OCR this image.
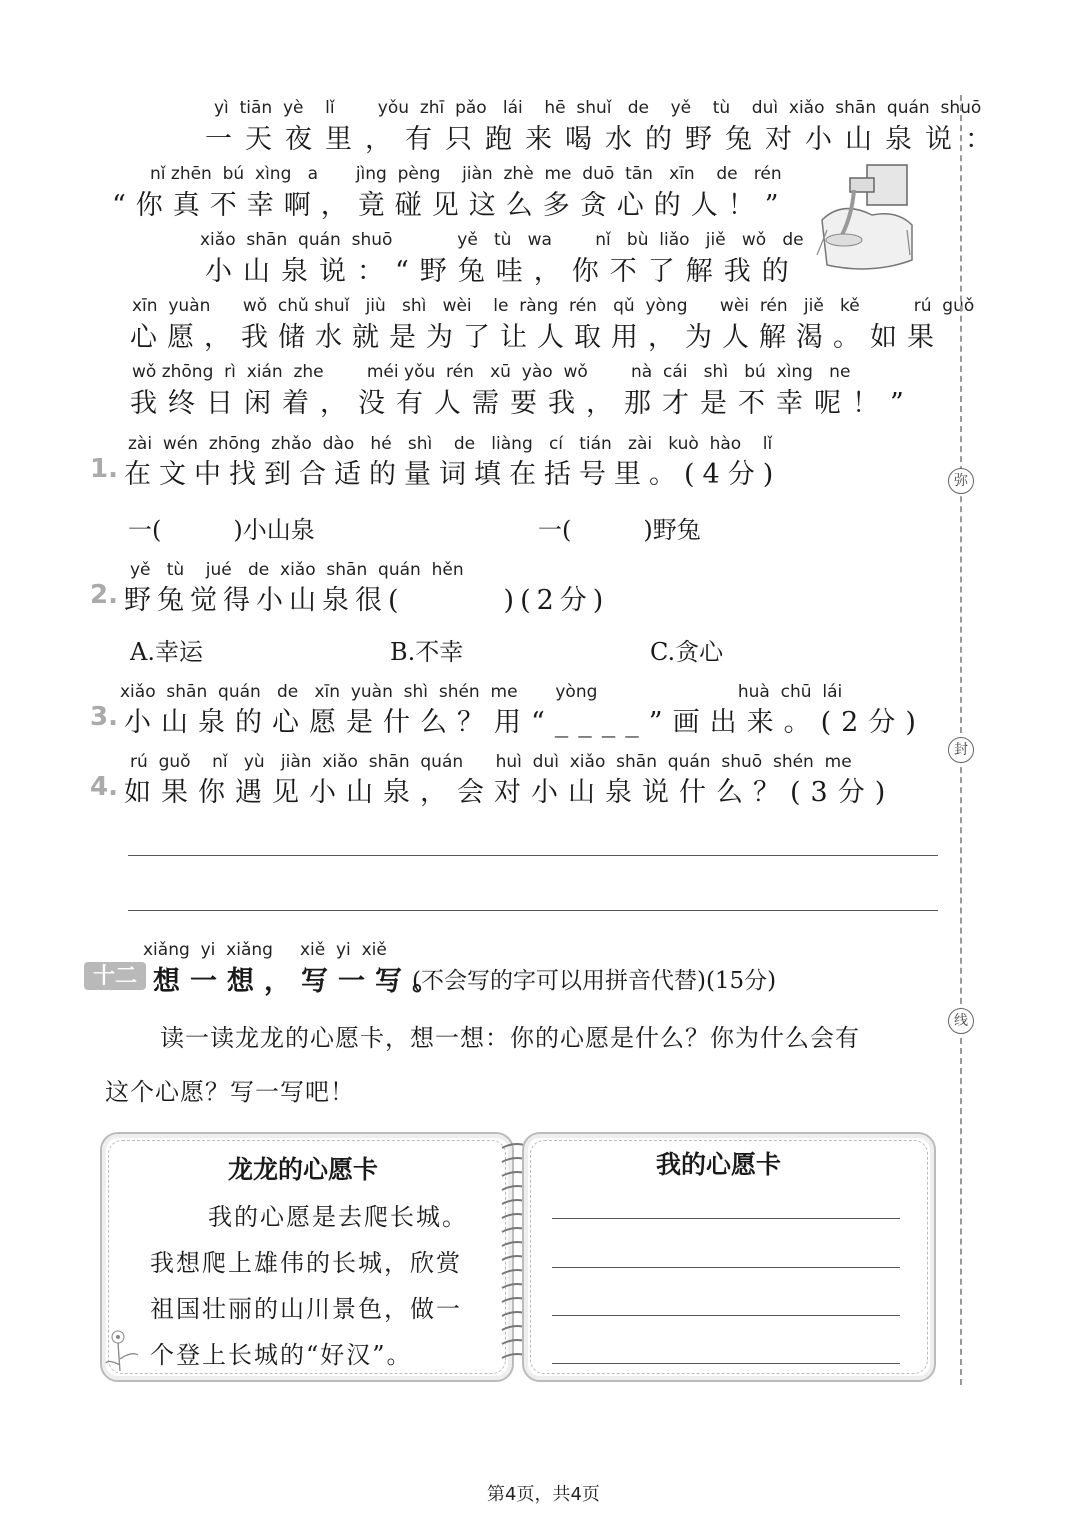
yì  tiān  yè    lǐ        yǒu  zhī  pǎo   lái    hē  shuǐ   de    yě    tù    duì  xiǎo  shān  quán  shuō
一天夜里，有只跑来喝水的野兔对小山泉说：
nǐ zhēn  bú  xìng   a       jìng  pèng    jiàn  zhè  me  duō  tān   xīn    de   rén
“你真不幸啊，竟碰见这么多贪心的人！”
xiǎo  shān  quán  shuō            yě   tù   wa        nǐ   bù  liǎo   jiě   wǒ   de
小山泉说：“野兔哇，你不了解我的
xīn  yuàn      wǒ  chǔ shuǐ   jiù   shì   wèi    le  ràng  rén   qǔ  yòng      wèi  rén   jiě   kě          rú  guǒ
心愿，我储水就是为了让人取用，为人解渴。如果
wǒ zhōng  rì  xián  zhe        méi yǒu  rén   xū  yào  wǒ        nà  cái   shì   bú  xìng   ne
我终日闲着，没有人需要我，那才是不幸呢！”
zài  wén  zhōng  zhǎo  dào   hé   shì    de   liàng   cí   tián   zài   kuò  hào    lǐ
1. 在文中找到合适的量词填在括号里。(4分)
一(　　　)小山泉	一(　　　)野兔
yě   tù    jué   de  xiǎo  shān  quán  hěn
2. 野兔觉得小山泉很(　　　)(2分)
A.幸运	B.不幸	C.贪心
xiǎo  shān  quán   de   xīn  yuàn  shì  shén  me       yòng                          huà  chū  lái
3. 小山泉的心愿是什么？用“____”画出来。(2分)
rú  guǒ    nǐ   yù   jiàn  xiǎo  shān  quán      huì  duì  xiǎo  shān  quán  shuō  shén  me
4. 如果你遇见小山泉，会对小山泉说什么？(3分)
xiǎng  yi  xiǎng     xiě  yi  xiě
十二 想一想，写一写。
(不会写的字可以用拼音代替)(15分)
读一读龙龙的心愿卡，想一想：你的心愿是什么？你为什么会有
这个心愿？写一写吧！
龙龙的心愿卡
我的心愿是去爬长城。
我想爬上雄伟的长城，欣赏
祖国壮丽的山川景色，做一
个登上长城的“好汉”。
我的心愿卡
弥
封
线
第4页，共4页
